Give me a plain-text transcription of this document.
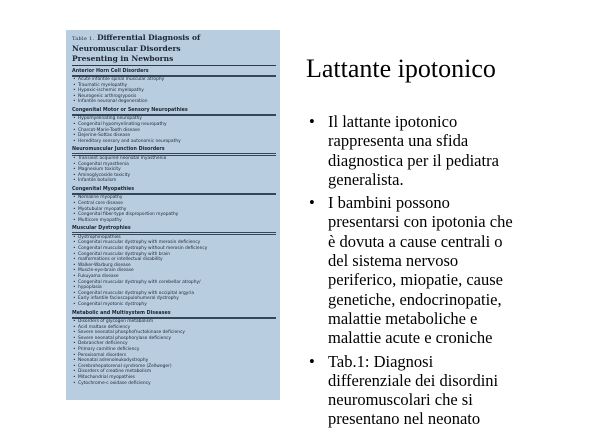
Table 1. Differential Diagnosis of
Neuromuscular Disorders
Presenting in Newborns
Anterior Horn Cell Disorders
• Acute infantile spinal muscular atrophy
• Traumatic myelopathy
• Hypoxic-ischemic myelopathy
• Neurogenic arthrogryposis
• Infantile neuronal degeneration
Congenital Motor or Sensory Neuropathies
• Hypomyelinating neuropathy
• Congenital hypomyelinating neuropathy
• Charcot-Marie-Tooth disease
• Dejerine-Sottas disease
• Hereditary sensory and autonomic neuropathy
Neuromuscular Junction Disorders
• Transient acquired neonatal myasthenia
• Congenital myasthenia
• Magnesium toxicity
• Aminoglycoside toxicity
• Infantile botulism
Congenital Myopathies
• Nemaline myopathy
• Central core disease
• Myotubular myopathy
• Congenital fiber-type disproportion myopathy
• Multicore myopathy
Muscular Dystrophies
• Dystrophinopathies
• Congenital muscular dystrophy with merosin deficiency
• Congenital muscular dystrophy without merosin deficiency
• Congenital muscular dystrophy with brain
• malformations or intellectual disability
• Walker-Warburg disease
• Muscle-eye-brain disease
• Fukuyama disease
• Congenital muscular dystrophy with cerebellar atrophy/
• hypoplasia
• Congenital muscular dystrophy with occipital argyria
• Early infantile facioscapulohumeral dystrophy
• Congenital myotonic dystrophy
Metabolic and Multisystem Diseases
• Disorders of glycogen metabolism
• Acid maltase deficiency
• Severe neonatal phosphofructokinase deficiency
• Severe neonatal phosphorylase deficiency
• Debrancher deficiency
• Primary carnitine deficiency
• Peroxisomal disorders
• Neonatal adrenoleukodystrophy
• Cerebrohepatorenal syndrome (Zellweger)
• Disorders of creatine metabolism
• Mitochondrial myopathies
• Cytochrome-c oxidase deficiency
Lattante ipotonico
• Il lattante ipotonico
rappresenta una sfida
diagnostica per il pediatra
generalista.
• I bambini possono
presentarsi con ipotonia che
è dovuta a cause centrali o
del sistema nervoso
periferico, miopatie, cause
genetiche, endocrinopatie,
malattie metaboliche e
malattie acute e croniche
• Tab.1: Diagnosi
differenziale dei disordini
neuromuscolari che si
presentano nel neonato
